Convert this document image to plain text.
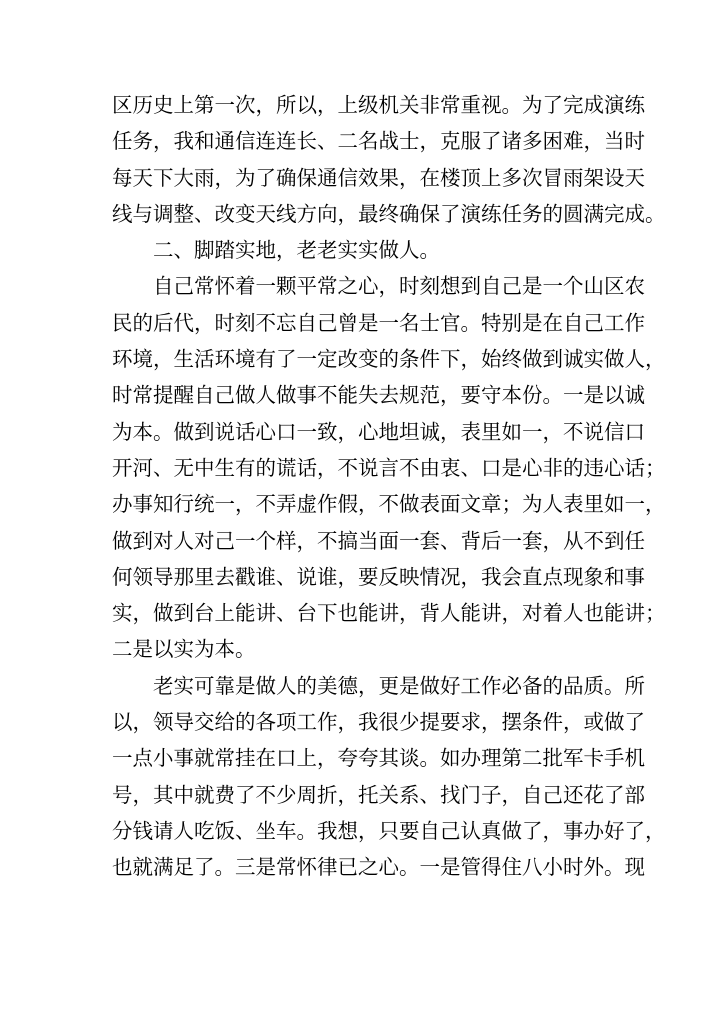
区历史上第一次，所以，上级机关非常重视。为了完成演练
任务，我和通信连连长、二名战士，克服了诸多困难，当时
每天下大雨，为了确保通信效果，在楼顶上多次冒雨架设天
线与调整、改变天线方向，最终确保了演练任务的圆满完成。

二、脚踏实地，老老实实做人。

自己常怀着一颗平常之心，时刻想到自己是一个山区农
民的后代，时刻不忘自己曾是一名士官。特别是在自己工作
环境，生活环境有了一定改变的条件下，始终做到诚实做人，
时常提醒自己做人做事不能失去规范，要守本份。一是以诚
为本。做到说话心口一致，心地坦诚，表里如一，不说信口
开河、无中生有的谎话，不说言不由衷、口是心非的违心话；
办事知行统一，不弄虚作假，不做表面文章；为人表里如一，
做到对人对己一个样，不搞当面一套、背后一套，从不到任
何领导那里去戳谁、说谁，要反映情况，我会直点现象和事
实，做到台上能讲、台下也能讲，背人能讲，对着人也能讲；
二是以实为本。

老实可靠是做人的美德，更是做好工作必备的品质。所
以，领导交给的各项工作，我很少提要求，摆条件，或做了
一点小事就常挂在口上，夸夸其谈。如办理第二批军卡手机
号，其中就费了不少周折，托关系、找门子，自己还花了部
分钱请人吃饭、坐车。我想，只要自己认真做了，事办好了，
也就满足了。三是常怀律已之心。一是管得住八小时外。现
